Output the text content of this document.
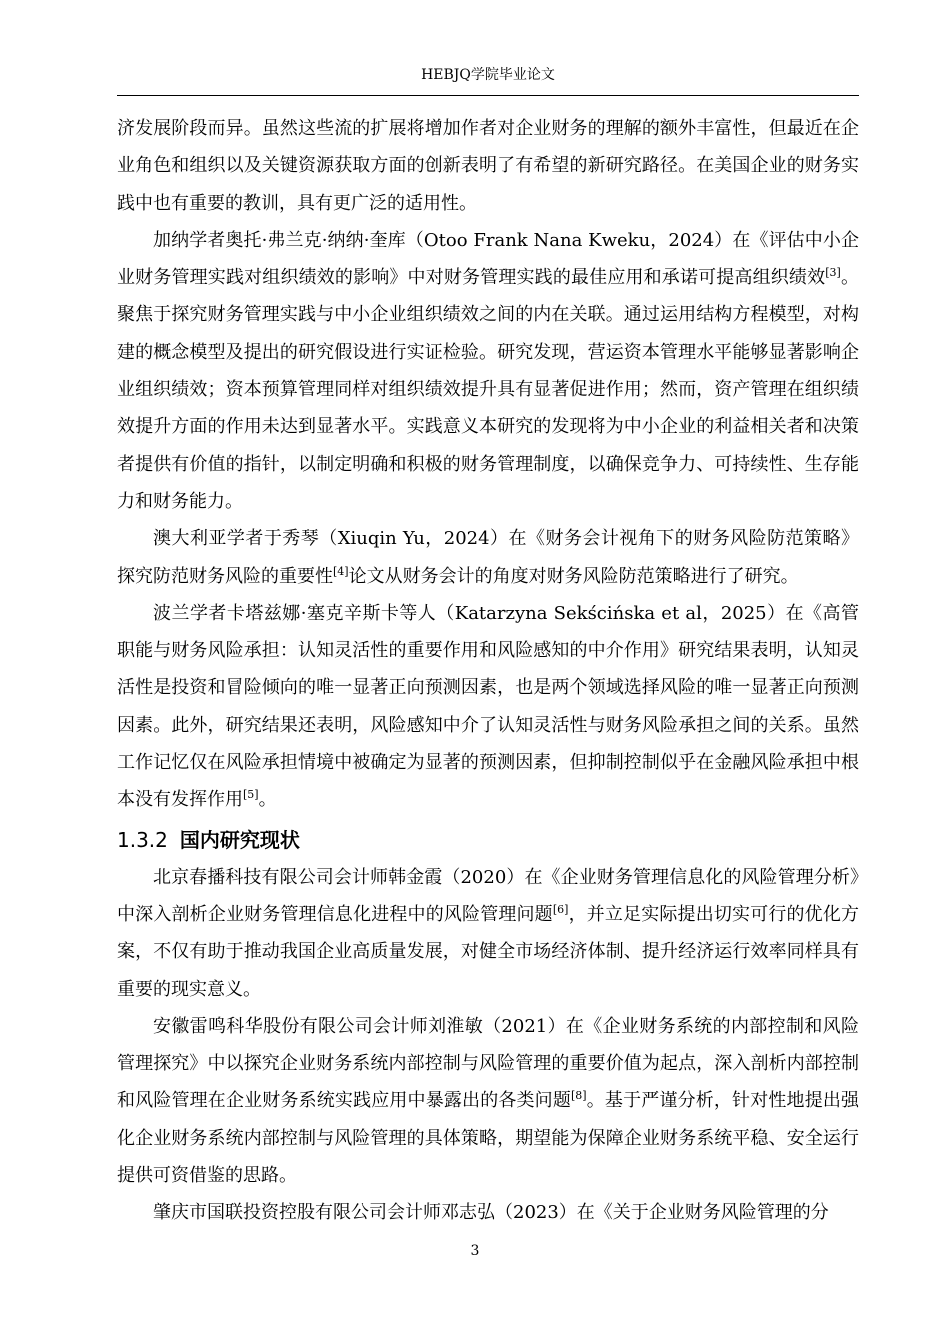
HEBJQ学院毕业论文

济发展阶段而异。虽然这些流的扩展将增加作者对企业财务的理解的额外丰富性，但最近在企业角色和组织以及关键资源获取方面的创新表明了有希望的新研究路径。在美国企业的财务实践中也有重要的教训，具有更广泛的适用性。

加纳学者奥托·弗兰克·纳纳·奎库（Otoo Frank Nana Kweku，2024）在《评估中小企业财务管理实践对组织绩效的影响》中对财务管理实践的最佳应用和承诺可提高组织绩效[3]。聚焦于探究财务管理实践与中小企业组织绩效之间的内在关联。通过运用结构方程模型，对构建的概念模型及提出的研究假设进行实证检验。研究发现，营运资本管理水平能够显著影响企业组织绩效；资本预算管理同样对组织绩效提升具有显著促进作用；然而，资产管理在组织绩效提升方面的作用未达到显著水平。实践意义本研究的发现将为中小企业的利益相关者和决策者提供有价值的指针，以制定明确和积极的财务管理制度，以确保竞争力、可持续性、生存能力和财务能力。

澳大利亚学者于秀琴（Xiuqin Yu，2024）在《财务会计视角下的财务风险防范策略》探究防范财务风险的重要性[4]论文从财务会计的角度对财务风险防范策略进行了研究。

波兰学者卡塔兹娜·塞克辛斯卡等人（Katarzyna Sekścińska et al，2025）在《高管职能与财务风险承担：认知灵活性的重要作用和风险感知的中介作用》研究结果表明，认知灵活性是投资和冒险倾向的唯一显著正向预测因素，也是两个领域选择风险的唯一显著正向预测因素。此外，研究结果还表明，风险感知中介了认知灵活性与财务风险承担之间的关系。虽然工作记忆仅在风险承担情境中被确定为显著的预测因素，但抑制控制似乎在金融风险承担中根本没有发挥作用[5]。

1.3.2 国内研究现状

北京春播科技有限公司会计师韩金霞（2020）在《企业财务管理信息化的风险管理分析》中深入剖析企业财务管理信息化进程中的风险管理问题[6]，并立足实际提出切实可行的优化方案，不仅有助于推动我国企业高质量发展，对健全市场经济体制、提升经济运行效率同样具有重要的现实意义。

安徽雷鸣科华股份有限公司会计师刘淮敏（2021）在《企业财务系统的内部控制和风险管理探究》中以探究企业财务系统内部控制与风险管理的重要价值为起点，深入剖析内部控制和风险管理在企业财务系统实践应用中暴露出的各类问题[8]。基于严谨分析，针对性地提出强化企业财务系统内部控制与风险管理的具体策略，期望能为保障企业财务系统平稳、安全运行提供可资借鉴的思路。

肇庆市国联投资控股有限公司会计师邓志弘（2023）在《关于企业财务风险管理的分

3
